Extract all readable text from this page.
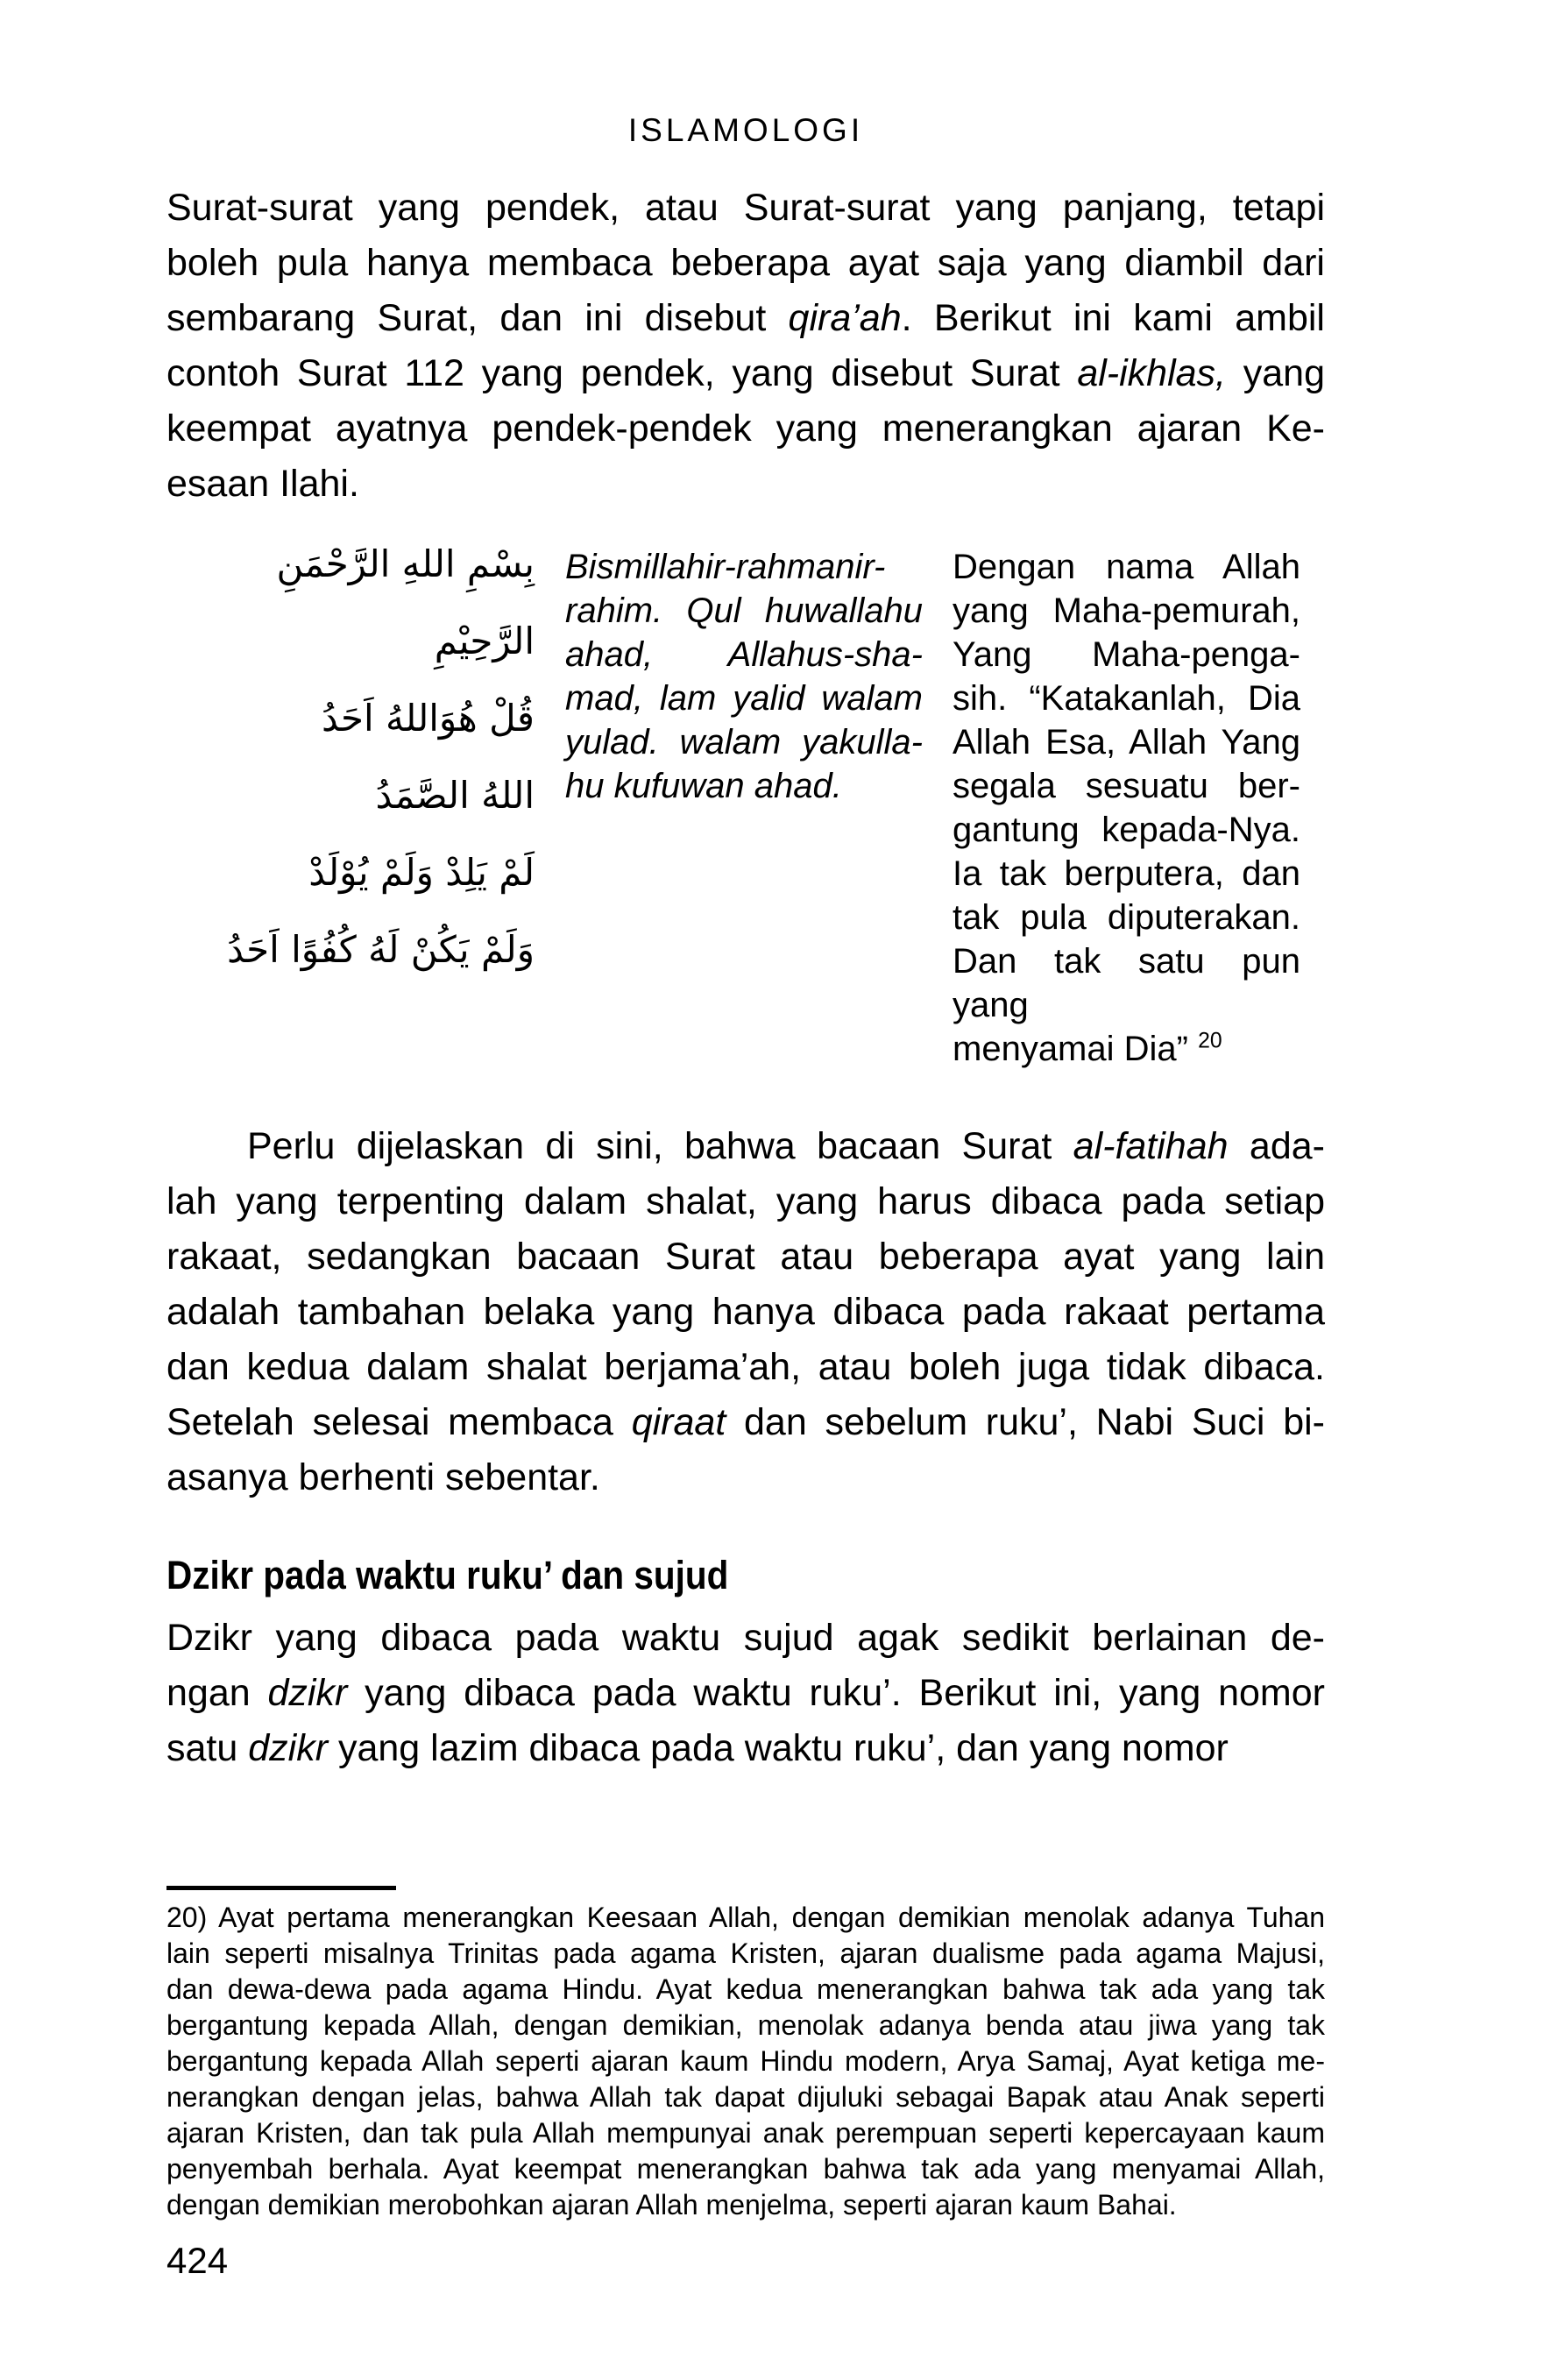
ISLAMOLOGI
Surat-surat yang pendek, atau Surat-surat yang panjang, tetapi
boleh pula hanya membaca beberapa ayat saja yang diambil dari
sembarang Surat, dan ini disebut qira’ah. Berikut ini kami ambil
contoh Surat 112 yang pendek, yang disebut Surat al-ikhlas, yang
keempat ayatnya pendek-pendek yang menerangkan ajaran Ke-
esaan Ilahi.
بِسْمِ اللهِ الرَّحْمَنِ الرَّحِيْمِ
قُلْ هُوَاللهُ اَحَدُ
اللهُ الصَّمَدُ
لَمْ يَلِدْ وَلَمْ يُوْلَدْ
وَلَمْ يَكُنْ لَهُ كُفُوًا اَحَدُ
Bismillahir-rahmanir-
rahim. Qul huwallahu
ahad, Allahus-sha-
mad, lam yalid walam
yulad. walam yakulla-
hu kufuwan ahad.
Dengan nama Allah
yang Maha-pemurah,
Yang Maha-penga-
sih. “Katakanlah, Dia
Allah Esa, Allah Yang
segala sesuatu ber-
gantung kepada-Nya.
Ia tak berputera, dan
tak pula diputerakan.
Dan tak satu pun yang
menyamai Dia” $^{20}$
Perlu dijelaskan di sini, bahwa bacaan Surat al-fatihah ada-
lah yang terpenting dalam shalat, yang harus dibaca pada setiap
rakaat, sedangkan bacaan Surat atau beberapa ayat yang lain
adalah tambahan belaka yang hanya dibaca pada rakaat pertama
dan kedua dalam shalat berjama’ah, atau boleh juga tidak dibaca.
Setelah selesai membaca qiraat dan sebelum ruku’, Nabi Suci bi-
asanya berhenti sebentar.
Dzikr pada waktu ruku’ dan sujud
Dzikr yang dibaca pada waktu sujud agak sedikit berlainan de-
ngan dzikr yang dibaca pada waktu ruku’. Berikut ini, yang nomor
satu dzikr yang lazim dibaca pada waktu ruku’, dan yang nomor
20) Ayat pertama menerangkan Keesaan Allah, dengan demikian menolak adanya Tuhan
lain seperti misalnya Trinitas pada agama Kristen, ajaran dualisme pada agama Majusi,
dan dewa-dewa pada agama Hindu. Ayat kedua menerangkan bahwa tak ada yang tak
bergantung kepada Allah, dengan demikian, menolak adanya benda atau jiwa yang tak
bergantung kepada Allah seperti ajaran kaum Hindu modern, Arya Samaj, Ayat ketiga me-
nerangkan dengan jelas, bahwa Allah tak dapat dijuluki sebagai Bapak atau Anak seperti
ajaran Kristen, dan tak pula Allah mempunyai anak perempuan seperti kepercayaan kaum
penyembah berhala. Ayat keempat menerangkan bahwa tak ada yang menyamai Allah,
dengan demikian merobohkan ajaran Allah menjelma, seperti ajaran kaum Bahai.
424
